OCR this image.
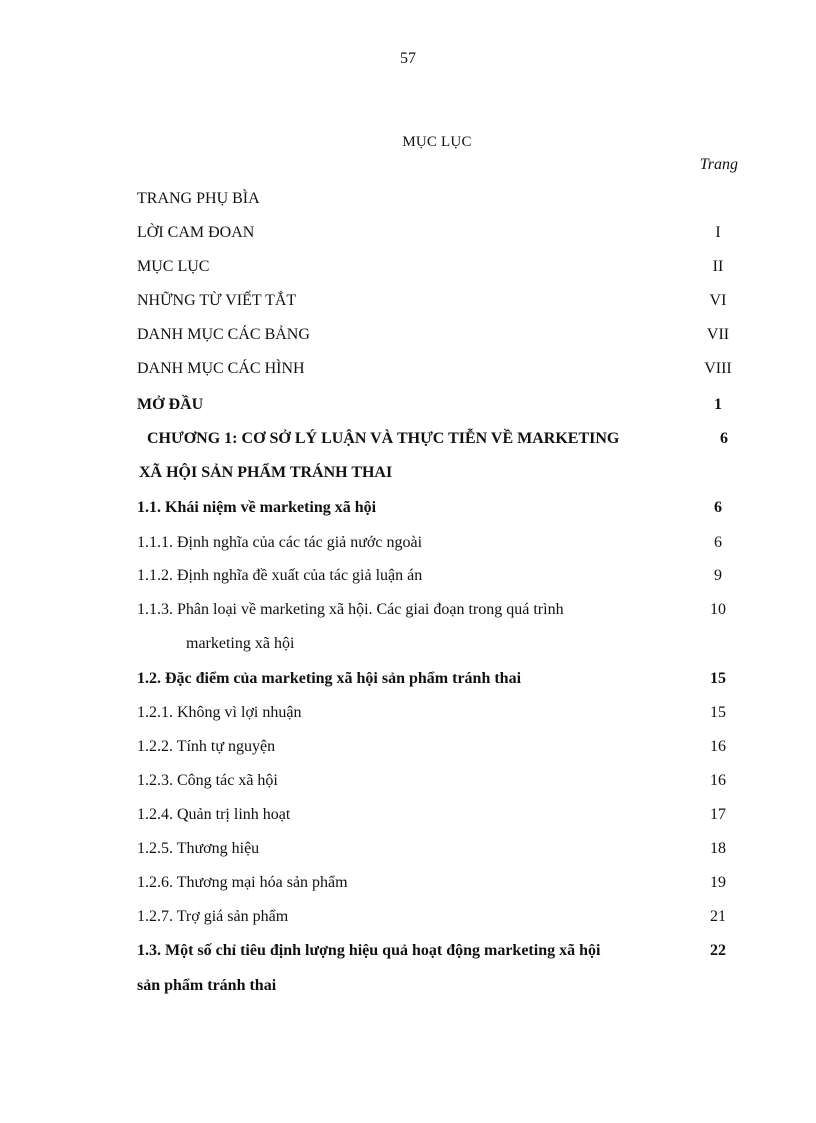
57
MỤC LỤC
Trang
TRANG PHỤ BÌA
LỜI CAM ĐOAN	I
MỤC LỤC	II
NHỮNG TỪ VIẾT TẮT	VI
DANH MỤC CÁC BẢNG	VII
DANH MỤC CÁC HÌNH	VIII
MỞ ĐẦU	1
CHƯƠNG 1: CƠ SỞ LÝ LUẬN VÀ THỰC TIỄN VỀ MARKETING	6
XÃ HỘI SẢN PHẨM TRÁNH THAI
1.1. Khái niệm về marketing xã hội	6
1.1.1. Định nghĩa của các tác giả nước ngoài	6
1.1.2. Định nghĩa đề xuất của tác giả luận án	9
1.1.3. Phân loại về marketing xã hội. Các giai đoạn trong quá trình	10
marketing xã hội
1.2. Đặc điểm của marketing xã hội sản phẩm tránh thai	15
1.2.1. Không vì lợi nhuận	15
1.2.2. Tính tự nguyện	16
1.2.3. Công tác xã hội	16
1.2.4. Quản trị linh hoạt	17
1.2.5. Thương hiệu	18
1.2.6. Thương mại hóa sản phẩm	19
1.2.7. Trợ giá sản phẩm	21
1.3. Một số chỉ tiêu định lượng hiệu quả hoạt động marketing xã hội	22
sản phẩm tránh thai
